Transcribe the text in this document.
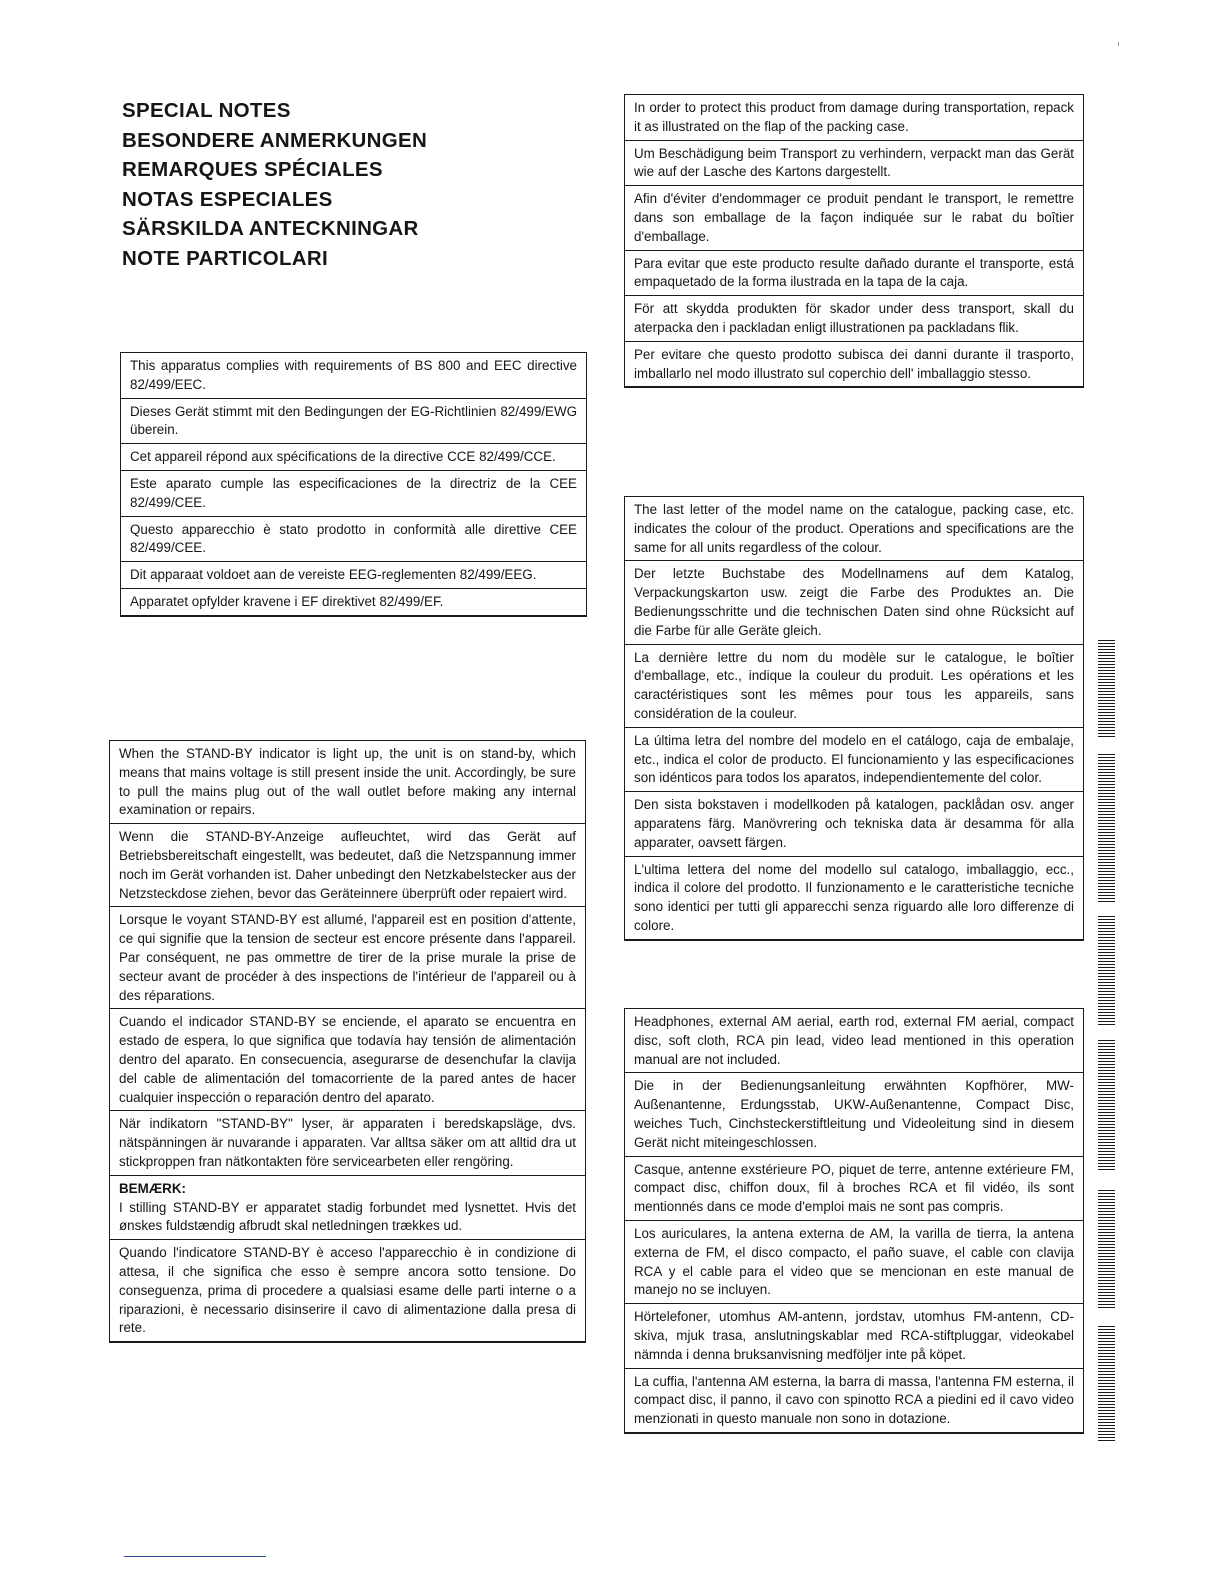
SPECIAL NOTES
BESONDERE ANMERKUNGEN
REMARQUES SPÉCIALES
NOTAS ESPECIALES
SÄRSKILDA ANTECKNINGAR
NOTE PARTICOLARI
This apparatus complies with requirements of BS 800 and EEC directive 82/499/EEC.
Dieses Gerät stimmt mit den Bedingungen der EG-Richtlinien 82/499/EWG überein.
Cet appareil répond aux spécifications de la directive CCE 82/499/CCE.
Este aparato cumple las especificaciones de la directriz de la CEE 82/499/CEE.
Questo apparecchio è stato prodotto in conformità alle direttive CEE 82/499/CEE.
Dit apparaat voldoet aan de vereiste EEG-reglementen 82/499/EEG.
Apparatet opfylder kravene i EF direktivet 82/499/EF.
When the STAND-BY indicator is light up, the unit is on stand-by, which means that mains voltage is still present inside the unit. Accordingly, be sure to pull the mains plug out of the wall outlet before making any internal examination or repairs.
Wenn die STAND-BY-Anzeige aufleuchtet, wird das Gerät auf Betriebsbereitschaft eingestellt, was bedeutet, daß die Netzspannung immer noch im Gerät vorhanden ist. Daher unbedingt den Netzkabelstecker aus der Netzsteckdose ziehen, bevor das Geräteinnere überprüft oder repaiert wird.
Lorsque le voyant STAND-BY est allumé, l'appareil est en position d'attente, ce qui signifie que la tension de secteur est encore présente dans l'appareil. Par conséquent, ne pas ommettre de tirer de la prise murale la prise de secteur avant de procéder à des inspections de l'intérieur de l'appareil ou à des réparations.
Cuando el indicador STAND-BY se enciende, el aparato se encuentra en estado de espera, lo que significa que todavía hay tensión de alimentación dentro del aparato. En consecuencia, asegurarse de desenchufar la clavija del cable de alimentación del tomacorriente de la pared antes de hacer cualquier inspección o reparación dentro del aparato.
När indikatorn "STAND-BY" lyser, är apparaten i beredskapsläge, dvs. nätspänningen är nuvarande i apparaten. Var alltsa säker om att alltid dra ut stickproppen fran nätkontakten före servicearbeten eller rengöring.
BEMÆRK:
I stilling STAND-BY er apparatet stadig forbundet med lysnettet. Hvis det ønskes fuldstændig afbrudt skal netledningen trækkes ud.
Quando l'indicatore STAND-BY è acceso l'apparecchio è in condizione di attesa, il che significa che esso è sempre ancora sotto tensione. Do conseguenza, prima di procedere a qualsiasi esame delle parti interne o a riparazioni, è necessario disinserire il cavo di alimentazione dalla presa di rete.
In order to protect this product from damage during transportation, repack it as illustrated on the flap of the packing case.
Um Beschädigung beim Transport zu verhindern, verpackt man das Gerät wie auf der Lasche des Kartons dargestellt.
Afin d'éviter d'endommager ce produit pendant le transport, le remettre dans son emballage de la façon indiquée sur le rabat du boîtier d'emballage.
Para evitar que este producto resulte dañado durante el transporte, está empaquetado de la forma ilustrada en la tapa de la caja.
För att skydda produkten för skador under dess transport, skall du aterpacka den i packladan enligt illustrationen pa packladans flik.
Per evitare che questo prodotto subisca dei danni durante il trasporto, imballarlo nel modo illustrato sul coperchio dell' imballaggio stesso.
The last letter of the model name on the catalogue, packing case, etc. indicates the colour of the product. Operations and specifications are the same for all units regardless of the colour.
Der letzte Buchstabe des Modellnamens auf dem Katalog, Verpackungskarton usw. zeigt die Farbe des Produktes an. Die Bedienungsschritte und die technischen Daten sind ohne Rücksicht auf die Farbe für alle Geräte gleich.
La dernière lettre du nom du modèle sur le catalogue, le boîtier d'emballage, etc., indique la couleur du produit. Les opérations et les caractéristiques sont les mêmes pour tous les appareils, sans considération de la couleur.
La última letra del nombre del modelo en el catálogo, caja de embalaje, etc., indica el color de producto. El funcionamiento y las especificaciones son idénticos para todos los aparatos, independientemente del color.
Den sista bokstaven i modellkoden på katalogen, packlådan osv. anger apparatens färg. Manövrering och tekniska data är desamma för alla apparater, oavsett färgen.
L'ultima lettera del nome del modello sul catalogo, imballaggio, ecc., indica il colore del prodotto. Il funzionamento e le caratteristiche tecniche sono identici per tutti gli apparecchi senza riguardo alle loro differenze di colore.
Headphones, external AM aerial, earth rod, external FM aerial, compact disc, soft cloth, RCA pin lead, video lead mentioned in this operation manual are not included.
Die in der Bedienungsanleitung erwähnten Kopfhörer, MW-Außenantenne, Erdungsstab, UKW-Außenantenne, Compact Disc, weiches Tuch, Cinchsteckerstiftleitung und Videoleitung sind in diesem Gerät nicht miteingeschlossen.
Casque, antenne exstérieure PO, piquet de terre, antenne extérieure FM, compact disc, chiffon doux, fil à broches RCA et fil vidéo, ils sont mentionnés dans ce mode d'emploi mais ne sont pas compris.
Los auriculares, la antena externa de AM, la varilla de tierra, la antena externa de FM, el disco compacto, el paño suave, el cable con clavija RCA y el cable para el video que se mencionan en este manual de manejo no se incluyen.
Hörtelefoner, utomhus AM-antenn, jordstav, utomhus FM-antenn, CD-skiva, mjuk trasa, anslutningskablar med RCA-stiftpluggar, videokabel nämnda i denna bruksanvisning medföljer inte på köpet.
La cuffia, l'antenna AM esterna, la barra di massa, l'antenna FM esterna, il compact disc, il panno, il cavo con spinotto RCA a piedini ed il cavo video menzionati in questo manuale non sono in dotazione.
